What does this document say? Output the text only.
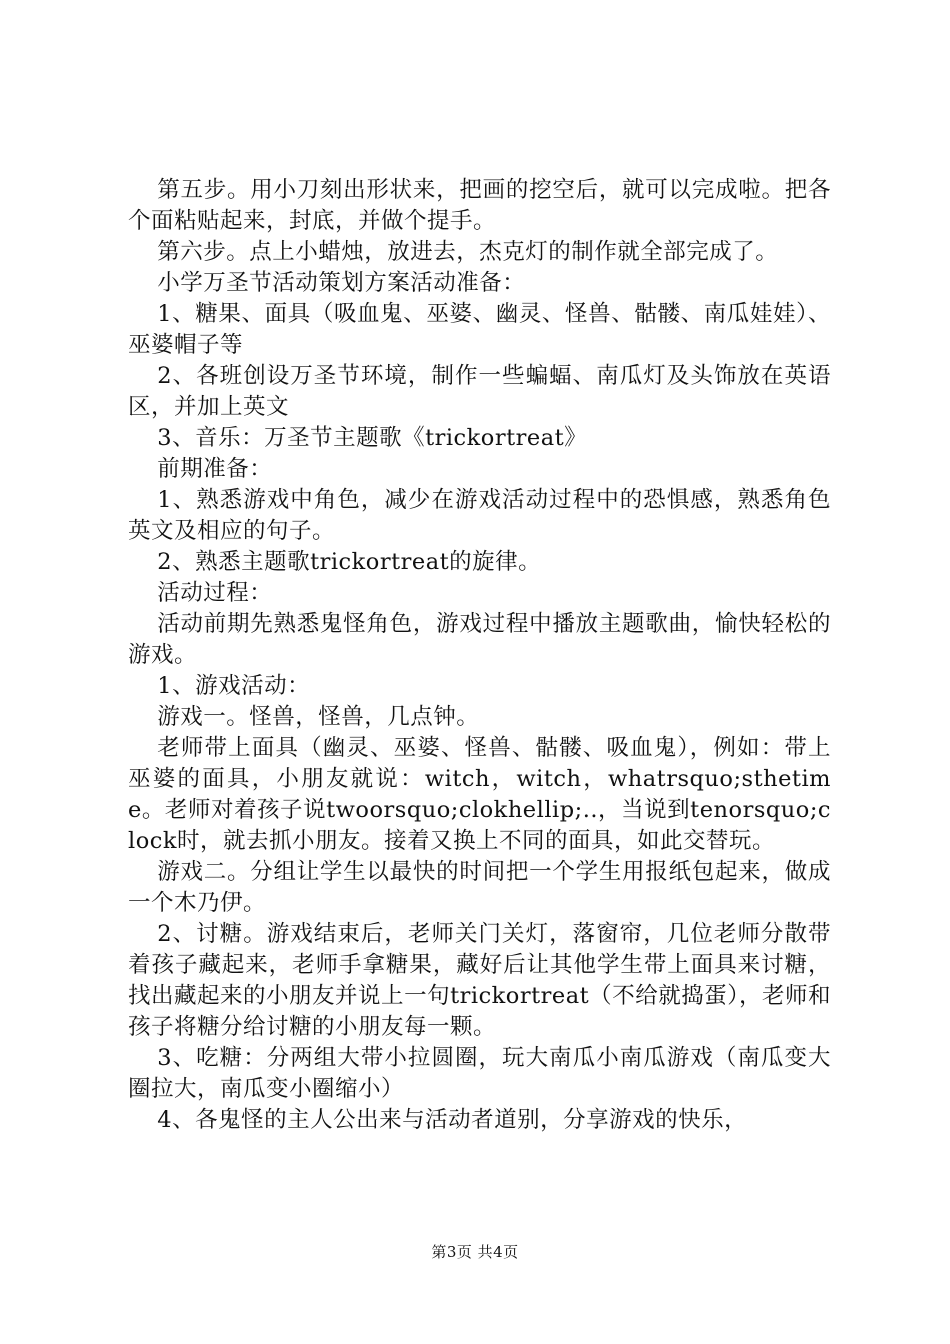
第五步。用小刀刻出形状来，把画的挖空后，就可以完成啦。把各个面粘贴起来，封底，并做个提手。

第六步。点上小蜡烛，放进去，杰克灯的制作就全部完成了。

小学万圣节活动策划方案活动准备：

1、糖果、面具（吸血鬼、巫婆、幽灵、怪兽、骷髅、南瓜娃娃）、巫婆帽子等

2、各班创设万圣节环境，制作一些蝙蝠、南瓜灯及头饰放在英语区，并加上英文

3、音乐：万圣节主题歌《trickortreat》

前期准备：

1、熟悉游戏中角色，减少在游戏活动过程中的恐惧感，熟悉角色英文及相应的句子。

2、熟悉主题歌trickortreat的旋律。

活动过程：

活动前期先熟悉鬼怪角色，游戏过程中播放主题歌曲，愉快轻松的游戏。

1、游戏活动：

游戏一。怪兽，怪兽，几点钟。

老师带上面具（幽灵、巫婆、怪兽、骷髅、吸血鬼），例如：带上巫婆的面具，小朋友就说：witch，witch，whatrsquo;sthetime。老师对着孩子说twoorsquo;clokhellip;..，当说到tenorsquo;clock时，就去抓小朋友。接着又换上不同的面具，如此交替玩。

游戏二。分组让学生以最快的时间把一个学生用报纸包起来，做成一个木乃伊。

2、讨糖。游戏结束后，老师关门关灯，落窗帘，几位老师分散带着孩子藏起来，老师手拿糖果，藏好后让其他学生带上面具来讨糖，找出藏起来的小朋友并说上一句trickortreat（不给就捣蛋），老师和孩子将糖分给讨糖的小朋友每一颗。

3、吃糖：分两组大带小拉圆圈，玩大南瓜小南瓜游戏（南瓜变大圈拉大，南瓜变小圈缩小）

4、各鬼怪的主人公出来与活动者道别，分享游戏的快乐，

第3页 共4页
